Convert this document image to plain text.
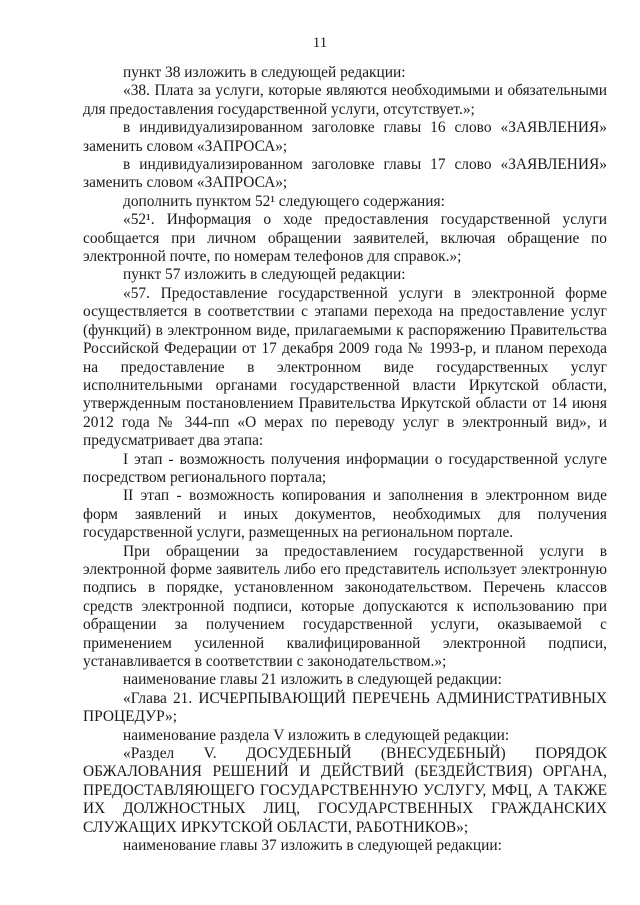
11

пункт 38 изложить в следующей редакции:

«38. Плата за услуги, которые являются необходимыми и обязательными для предоставления государственной услуги, отсутствует.»;

в индивидуализированном заголовке главы 16 слово «ЗАЯВЛЕНИЯ» заменить словом «ЗАПРОСА»;

в индивидуализированном заголовке главы 17 слово «ЗАЯВЛЕНИЯ» заменить словом «ЗАПРОСА»;

дополнить пунктом 52¹ следующего содержания:

«52¹. Информация о ходе предоставления государственной услуги сообщается при личном обращении заявителей, включая обращение по электронной почте, по номерам телефонов для справок.»;

пункт 57 изложить в следующей редакции:

«57. Предоставление государственной услуги в электронной форме осуществляется в соответствии с этапами перехода на предоставление услуг (функций) в электронном виде, прилагаемыми к распоряжению Правительства Российской Федерации от 17 декабря 2009 года № 1993-р, и планом перехода на предоставление в электронном виде государственных услуг исполнительными органами государственной власти Иркутской области, утвержденным постановлением Правительства Иркутской области от 14 июня 2012 года № 344-пп «О мерах по переводу услуг в электронный вид», и предусматривает два этапа:

I этап - возможность получения информации о государственной услуге посредством регионального портала;

II этап - возможность копирования и заполнения в электронном виде форм заявлений и иных документов, необходимых для получения государственной услуги, размещенных на региональном портале.

При обращении за предоставлением государственной услуги в электронной форме заявитель либо его представитель использует электронную подпись в порядке, установленном законодательством. Перечень классов средств электронной подписи, которые допускаются к использованию при обращении за получением государственной услуги, оказываемой с применением усиленной квалифицированной электронной подписи, устанавливается в соответствии с законодательством.»;

наименование главы 21 изложить в следующей редакции:

«Глава 21. ИСЧЕРПЫВАЮЩИЙ ПЕРЕЧЕНЬ АДМИНИСТРАТИВНЫХ ПРОЦЕДУР»;

наименование раздела V изложить в следующей редакции:

«Раздел V. ДОСУДЕБНЫЙ (ВНЕСУДЕБНЫЙ) ПОРЯДОК ОБЖАЛОВАНИЯ РЕШЕНИЙ И ДЕЙСТВИЙ (БЕЗДЕЙСТВИЯ) ОРГАНА, ПРЕДОСТАВЛЯЮЩЕГО ГОСУДАРСТВЕННУЮ УСЛУГУ, МФЦ, А ТАКЖЕ ИХ ДОЛЖНОСТНЫХ ЛИЦ, ГОСУДАРСТВЕННЫХ ГРАЖДАНСКИХ СЛУЖАЩИХ ИРКУТСКОЙ ОБЛАСТИ, РАБОТНИКОВ»;

наименование главы 37 изложить в следующей редакции:
